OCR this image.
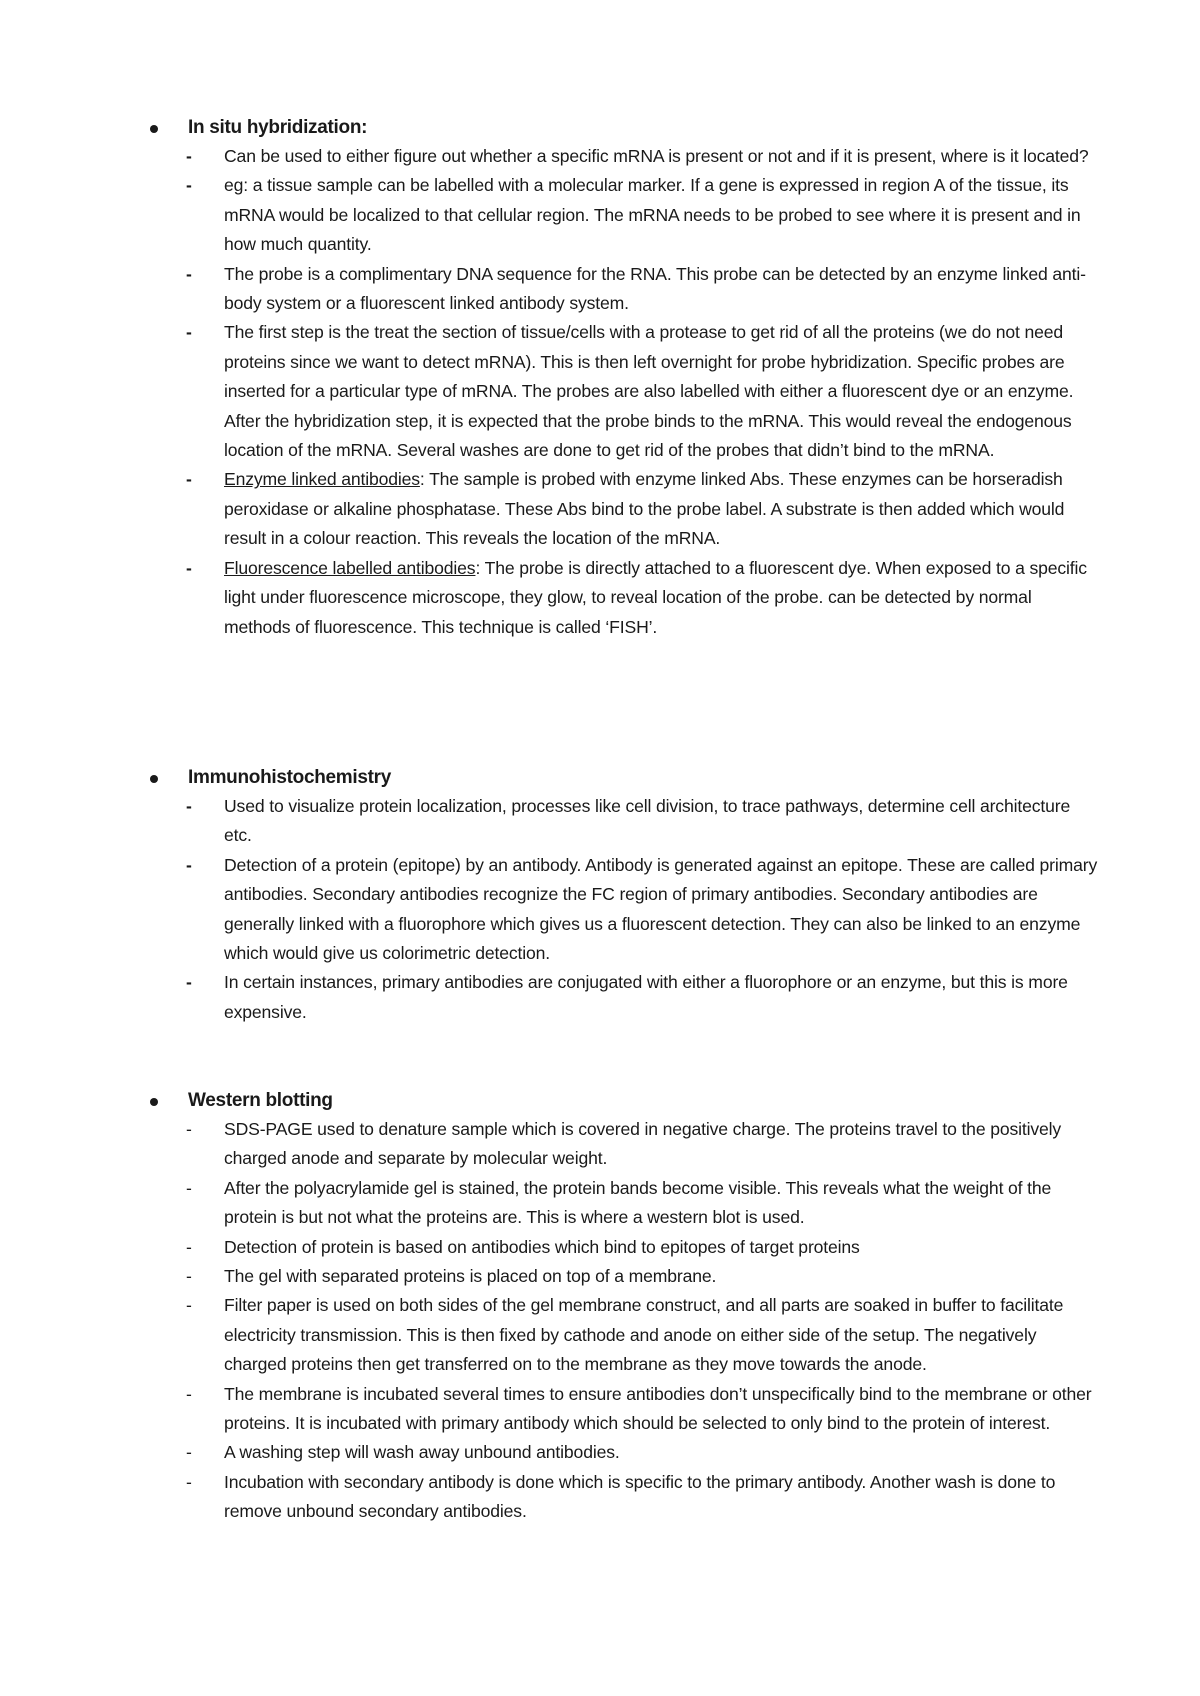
In situ hybridization:
- Can be used to either figure out whether a specific mRNA is present or not and if it is present, where is it located?
- eg: a tissue sample can be labelled with a molecular marker. If a gene is expressed in region A of the tissue, its mRNA would be localized to that cellular region. The mRNA needs to be probed to see where it is present and in how much quantity.
- The probe is a complimentary DNA sequence for the RNA. This probe can be detected by an enzyme linked anti-body system or a fluorescent linked antibody system.
- The first step is the treat the section of tissue/cells with a protease to get rid of all the proteins (we do not need proteins since we want to detect mRNA). This is then left overnight for probe hybridization. Specific probes are inserted for a particular type of mRNA. The probes are also labelled with either a fluorescent dye or an enzyme. After the hybridization step, it is expected that the probe binds to the mRNA. This would reveal the endogenous location of the mRNA. Several washes are done to get rid of the probes that didn’t bind to the mRNA.
- Enzyme linked antibodies: The sample is probed with enzyme linked Abs. These enzymes can be horseradish peroxidase or alkaline phosphatase. These Abs bind to the probe label. A substrate is then added which would result in a colour reaction. This reveals the location of the mRNA.
- Fluorescence labelled antibodies: The probe is directly attached to a fluorescent dye. When exposed to a specific light under fluorescence microscope, they glow, to reveal location of the probe. can be detected by normal methods of fluorescence. This technique is called ‘FISH’.
Immunohistochemistry
- Used to visualize protein localization, processes like cell division, to trace pathways, determine cell architecture etc.
- Detection of a protein (epitope) by an antibody. Antibody is generated against an epitope. These are called primary antibodies. Secondary antibodies recognize the FC region of primary antibodies. Secondary antibodies are generally linked with a fluorophore which gives us a fluorescent detection. They can also be linked to an enzyme which would give us colorimetric detection.
- In certain instances, primary antibodies are conjugated with either a fluorophore or an enzyme, but this is more expensive.
Western blotting
- SDS-PAGE used to denature sample which is covered in negative charge. The proteins travel to the positively charged anode and separate by molecular weight.
- After the polyacrylamide gel is stained, the protein bands become visible. This reveals what the weight of the protein is but not what the proteins are. This is where a western blot is used.
- Detection of protein is based on antibodies which bind to epitopes of target proteins
- The gel with separated proteins is placed on top of a membrane.
- Filter paper is used on both sides of the gel membrane construct, and all parts are soaked in buffer to facilitate electricity transmission. This is then fixed by cathode and anode on either side of the setup. The negatively charged proteins then get transferred on to the membrane as they move towards the anode.
- The membrane is incubated several times to ensure antibodies don’t unspecifically bind to the membrane or other proteins. It is incubated with primary antibody which should be selected to only bind to the protein of interest.
- A washing step will wash away unbound antibodies.
- Incubation with secondary antibody is done which is specific to the primary antibody. Another wash is done to remove unbound secondary antibodies.
